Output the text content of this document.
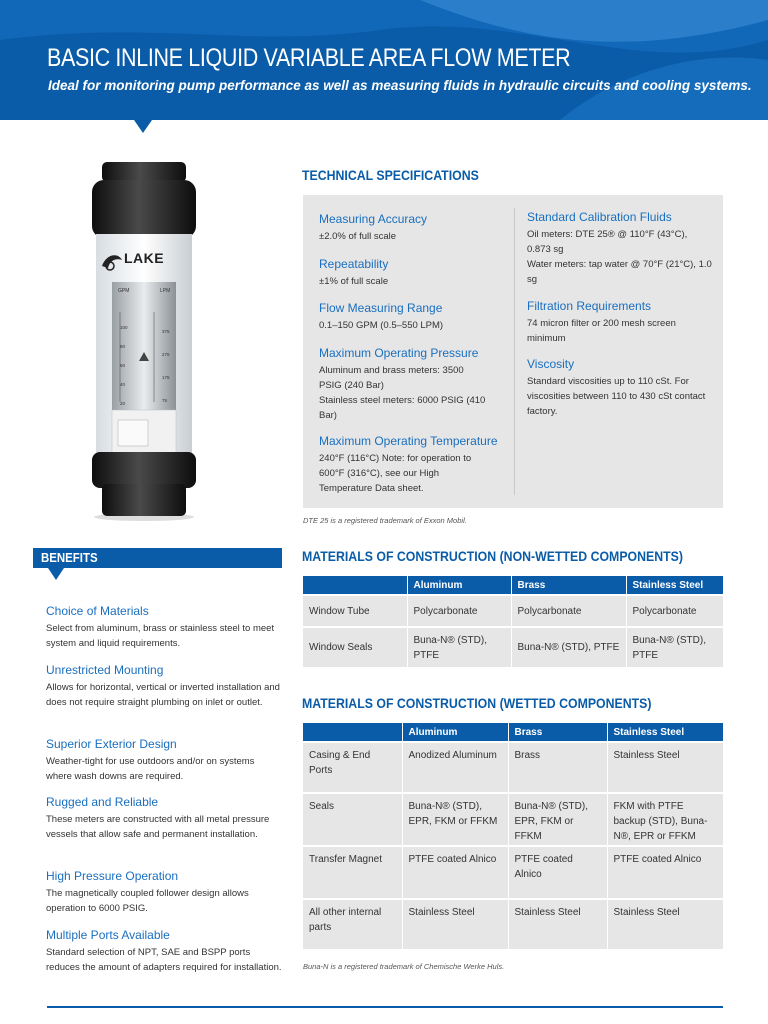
BASIC INLINE LIQUID VARIABLE AREA FLOW METER
Ideal for monitoring pump performance as well as measuring fluids in hydraulic circuits and cooling systems.
LAKE
GPM	LPM
100
80
60
40
20
375
275
175
75
TECHNICAL SPECIFICATIONS
Measuring Accuracy
±2.0% of full scale
Repeatability
±1% of full scale
Flow Measuring Range
0.1–150 GPM (0.5–550 LPM)
Maximum Operating Pressure
Aluminum and brass meters: 3500 PSIG (240 Bar)
Stainless steel meters: 6000 PSIG (410 Bar)
Maximum Operating Temperature
240°F (116°C) Note: for operation to 600°F (316°C), see our High Temperature Data sheet.
Standard Calibration Fluids
Oil meters: DTE 25® @ 110°F (43°C), 0.873 sg
Water meters: tap water @ 70°F (21°C), 1.0 sg
Filtration Requirements
74 micron filter or 200 mesh screen minimum
Viscosity
Standard viscosities up to 110 cSt. For viscosities between 110 to 430 cSt contact factory.
DTE 25 is a registered trademark of Exxon Mobil.
BENEFITS
Choice of Materials
Select from aluminum, brass or stainless steel to meet system and liquid requirements.
Unrestricted Mounting
Allows for horizontal, vertical or inverted installation and does not require straight plumbing on inlet or outlet.
Superior Exterior Design
Weather-tight for use outdoors and/or on systems where wash downs are required.
Rugged and Reliable
These meters are constructed with all metal pressure vessels that allow safe and permanent installation.
High Pressure Operation
The magnetically coupled follower design allows operation to 6000 PSIG.
Multiple Ports Available
Standard selection of NPT, SAE and BSPP ports reduces the amount of adapters required for installation.
MATERIALS OF CONSTRUCTION (NON-WETTED COMPONENTS)
	Aluminum	Brass	Stainless Steel
Window Tube	Polycarbonate	Polycarbonate	Polycarbonate
Window Seals	Buna-N® (STD), PTFE	Buna-N® (STD), PTFE	Buna-N® (STD), PTFE
MATERIALS OF CONSTRUCTION (WETTED COMPONENTS)
	Aluminum	Brass	Stainless Steel
Casing & End Ports	Anodized Aluminum	Brass	Stainless Steel
Seals	Buna-N® (STD), EPR, FKM or FFKM	Buna-N® (STD), EPR, FKM or FFKM	FKM with PTFE backup (STD), Buna-N®, EPR or FFKM
Transfer Magnet	PTFE coated Alnico	PTFE coated Alnico	PTFE coated Alnico
All other internal parts	Stainless Steel	Stainless Steel	Stainless Steel
Buna-N is a registered trademark of Chemische Werke Huls.
